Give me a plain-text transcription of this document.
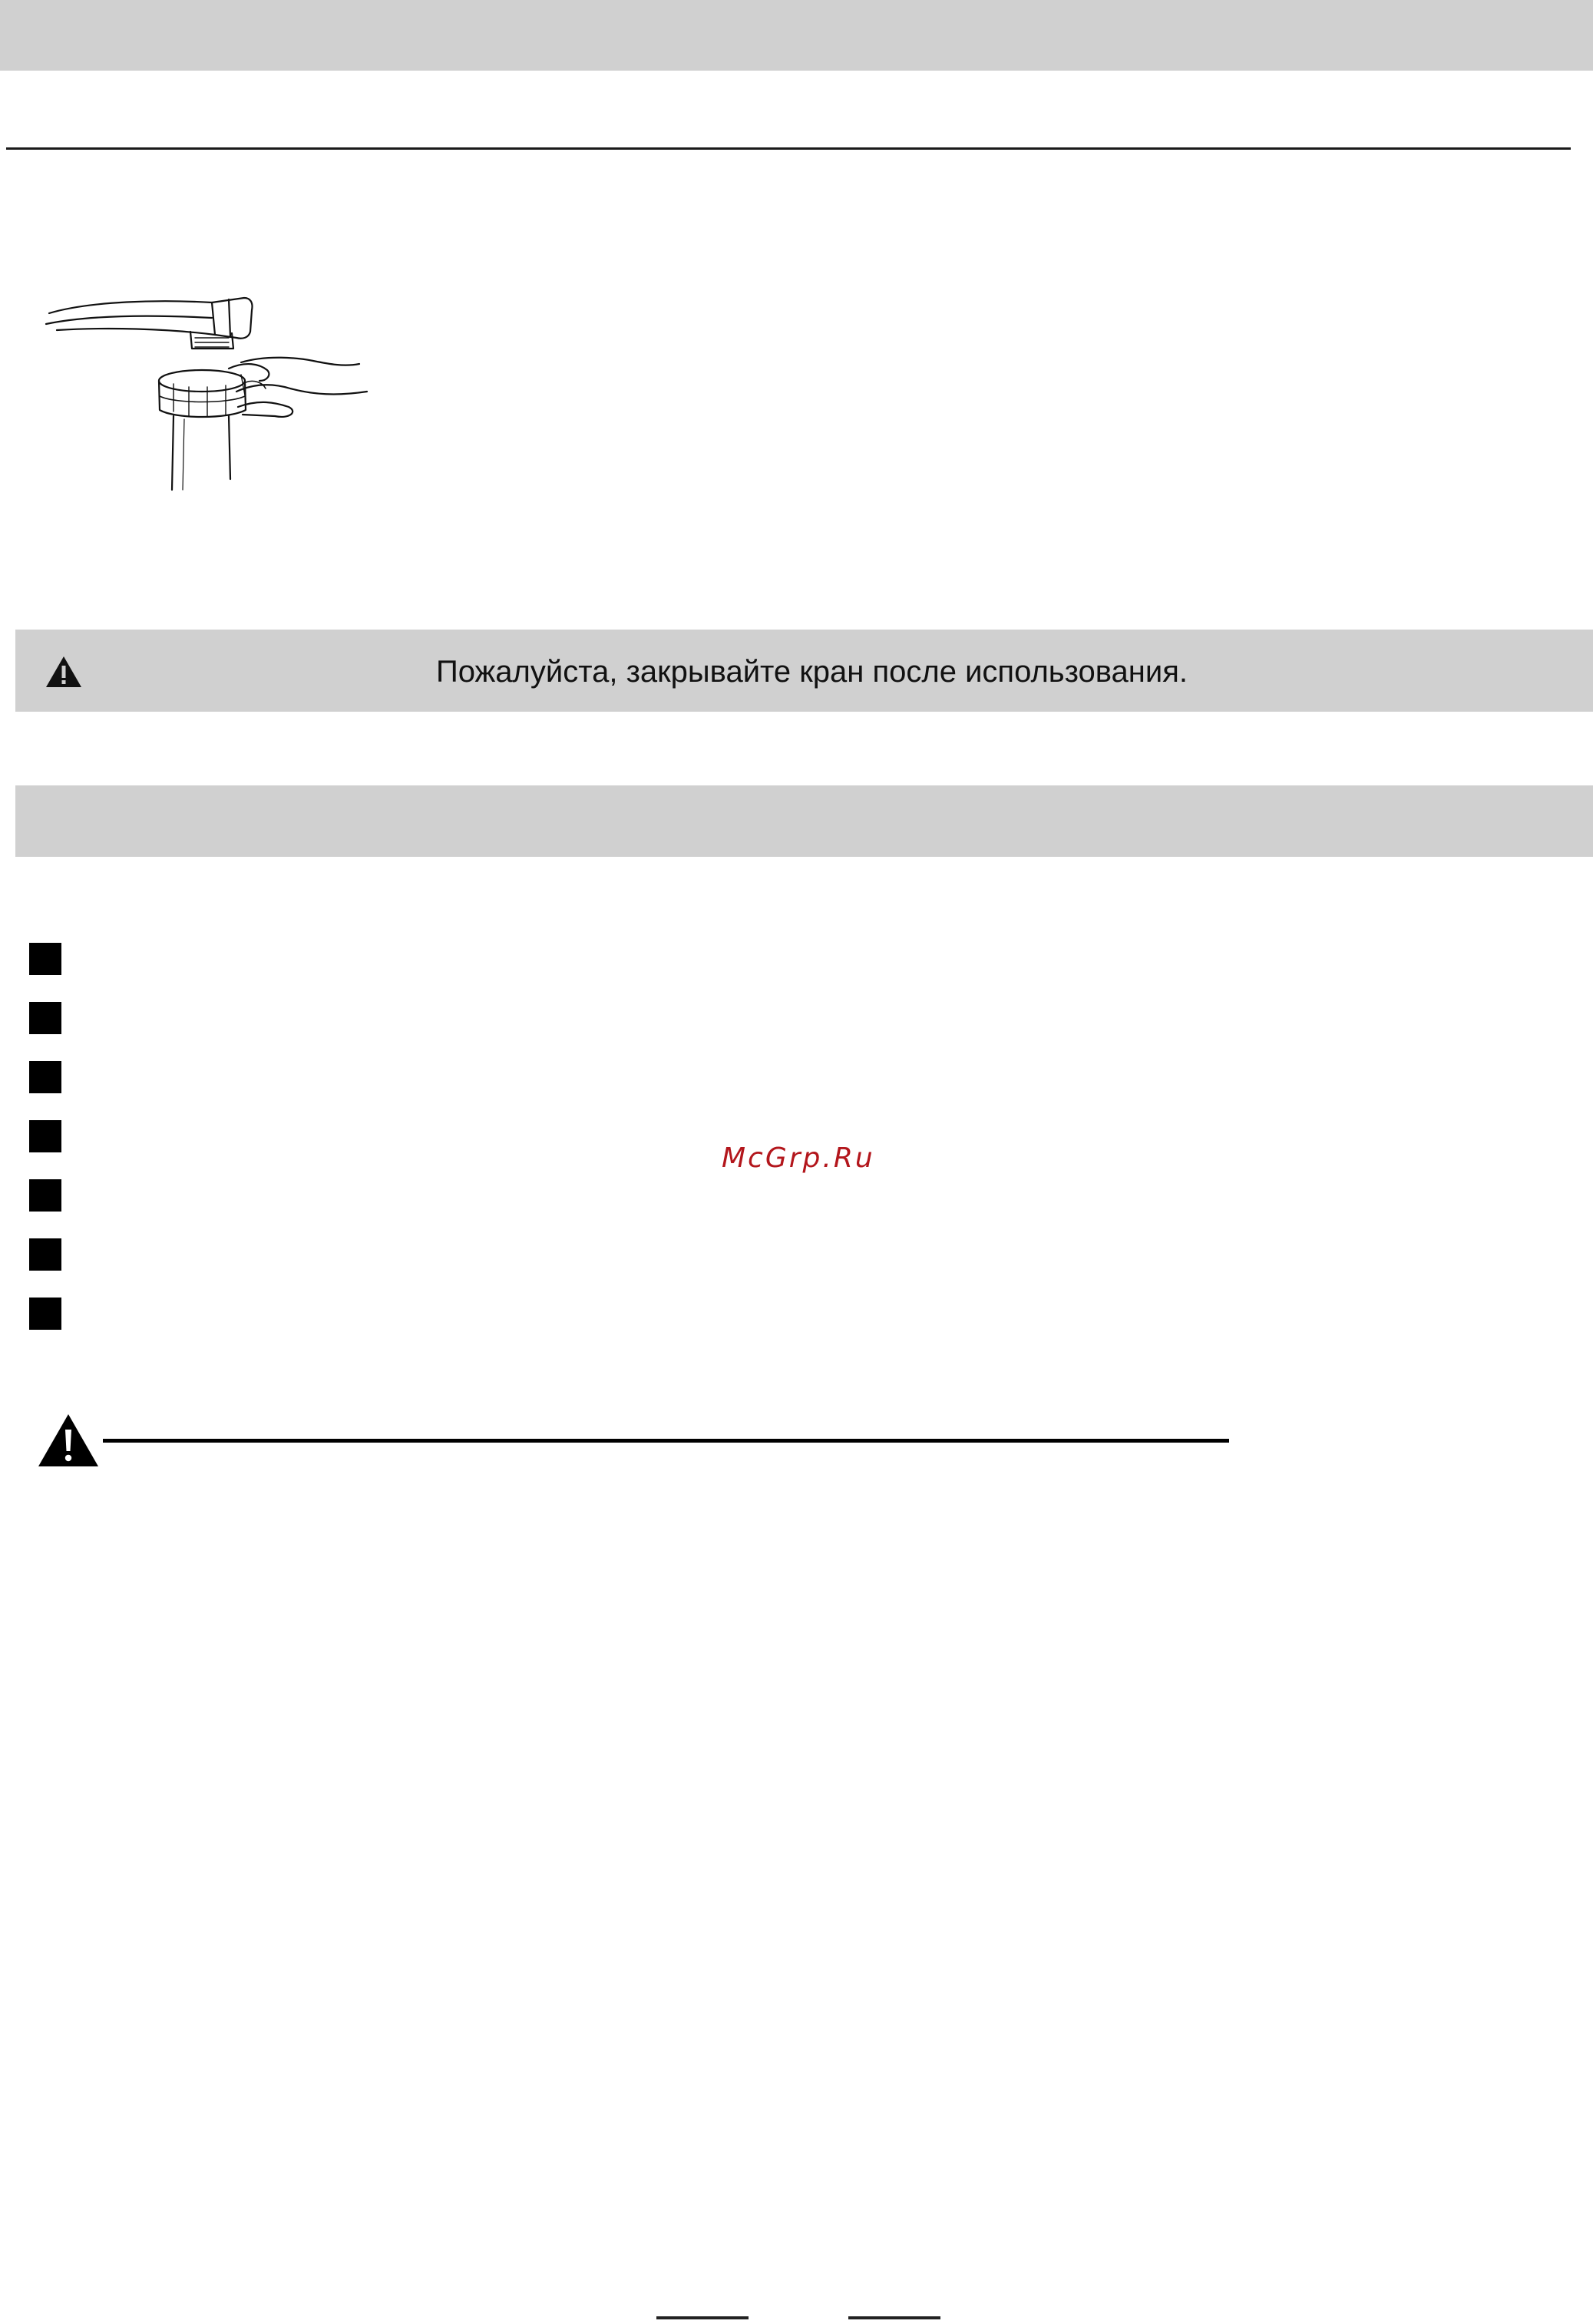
Пожалуйста, закрывайте кран после использования.
McGrp.Ru
